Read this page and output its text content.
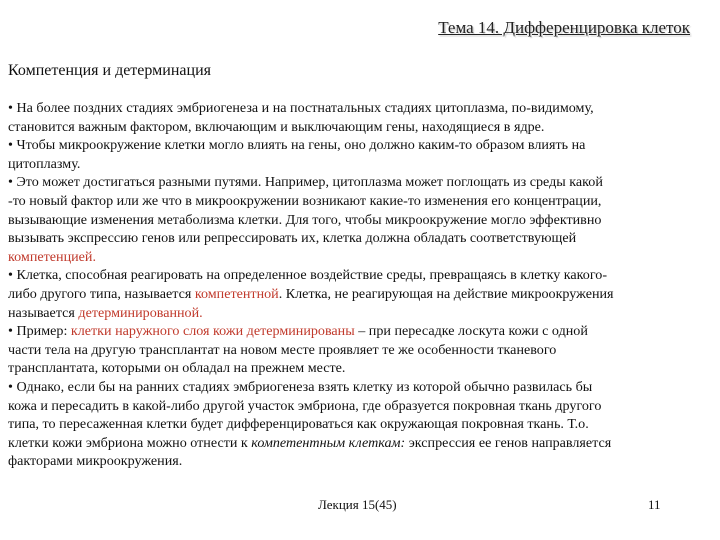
Тема 14. Дифференцировка клеток
Компетенция и детерминация
• На более поздних стадиях эмбриогенеза и на постнатальных стадиях цитоплазма, по-видимому,
становится важным фактором, включающим и выключающим гены, находящиеся в ядре.
• Чтобы микроокружение клетки могло влиять на гены, оно должно каким-то образом влиять на
цитоплазму.
• Это может достигаться разными путями. Например, цитоплазма может поглощать из среды какой
-то новый фактор или же что в микроокружении возникают какие-то изменения его концентрации,
вызывающие изменения метаболизма клетки. Для того, чтобы микроокружение могло эффективно
вызывать экспрессию генов или репрессировать их, клетка должна обладать соответствующей
компетенцией.
• Клетка, способная реагировать на определенное воздействие среды, превращаясь в клетку какого-
либо другого типа, называется компетентной. Клетка, не реагирующая на действие микроокружения
называется детерминированной.
• Пример: клетки наружного слоя кожи детерминированы – при пересадке лоскута кожи с одной
части тела на другую трансплантат на новом месте проявляет те же особенности тканевого
трансплантата, которыми он обладал на прежнем месте.
• Однако, если бы на ранних стадиях эмбриогенеза взять клетку из которой обычно развилась бы
кожа и пересадить в какой-либо другой участок эмбриона, где образуется покровная ткань другого
типа, то пересаженная клетки будет дифференцироваться как окружающая покровная ткань. Т.о.
клетки кожи эмбриона можно отнести к компетентным клеткам: экспрессия ее генов направляется
факторами микроокружения.
Лекция 15(45)	11
